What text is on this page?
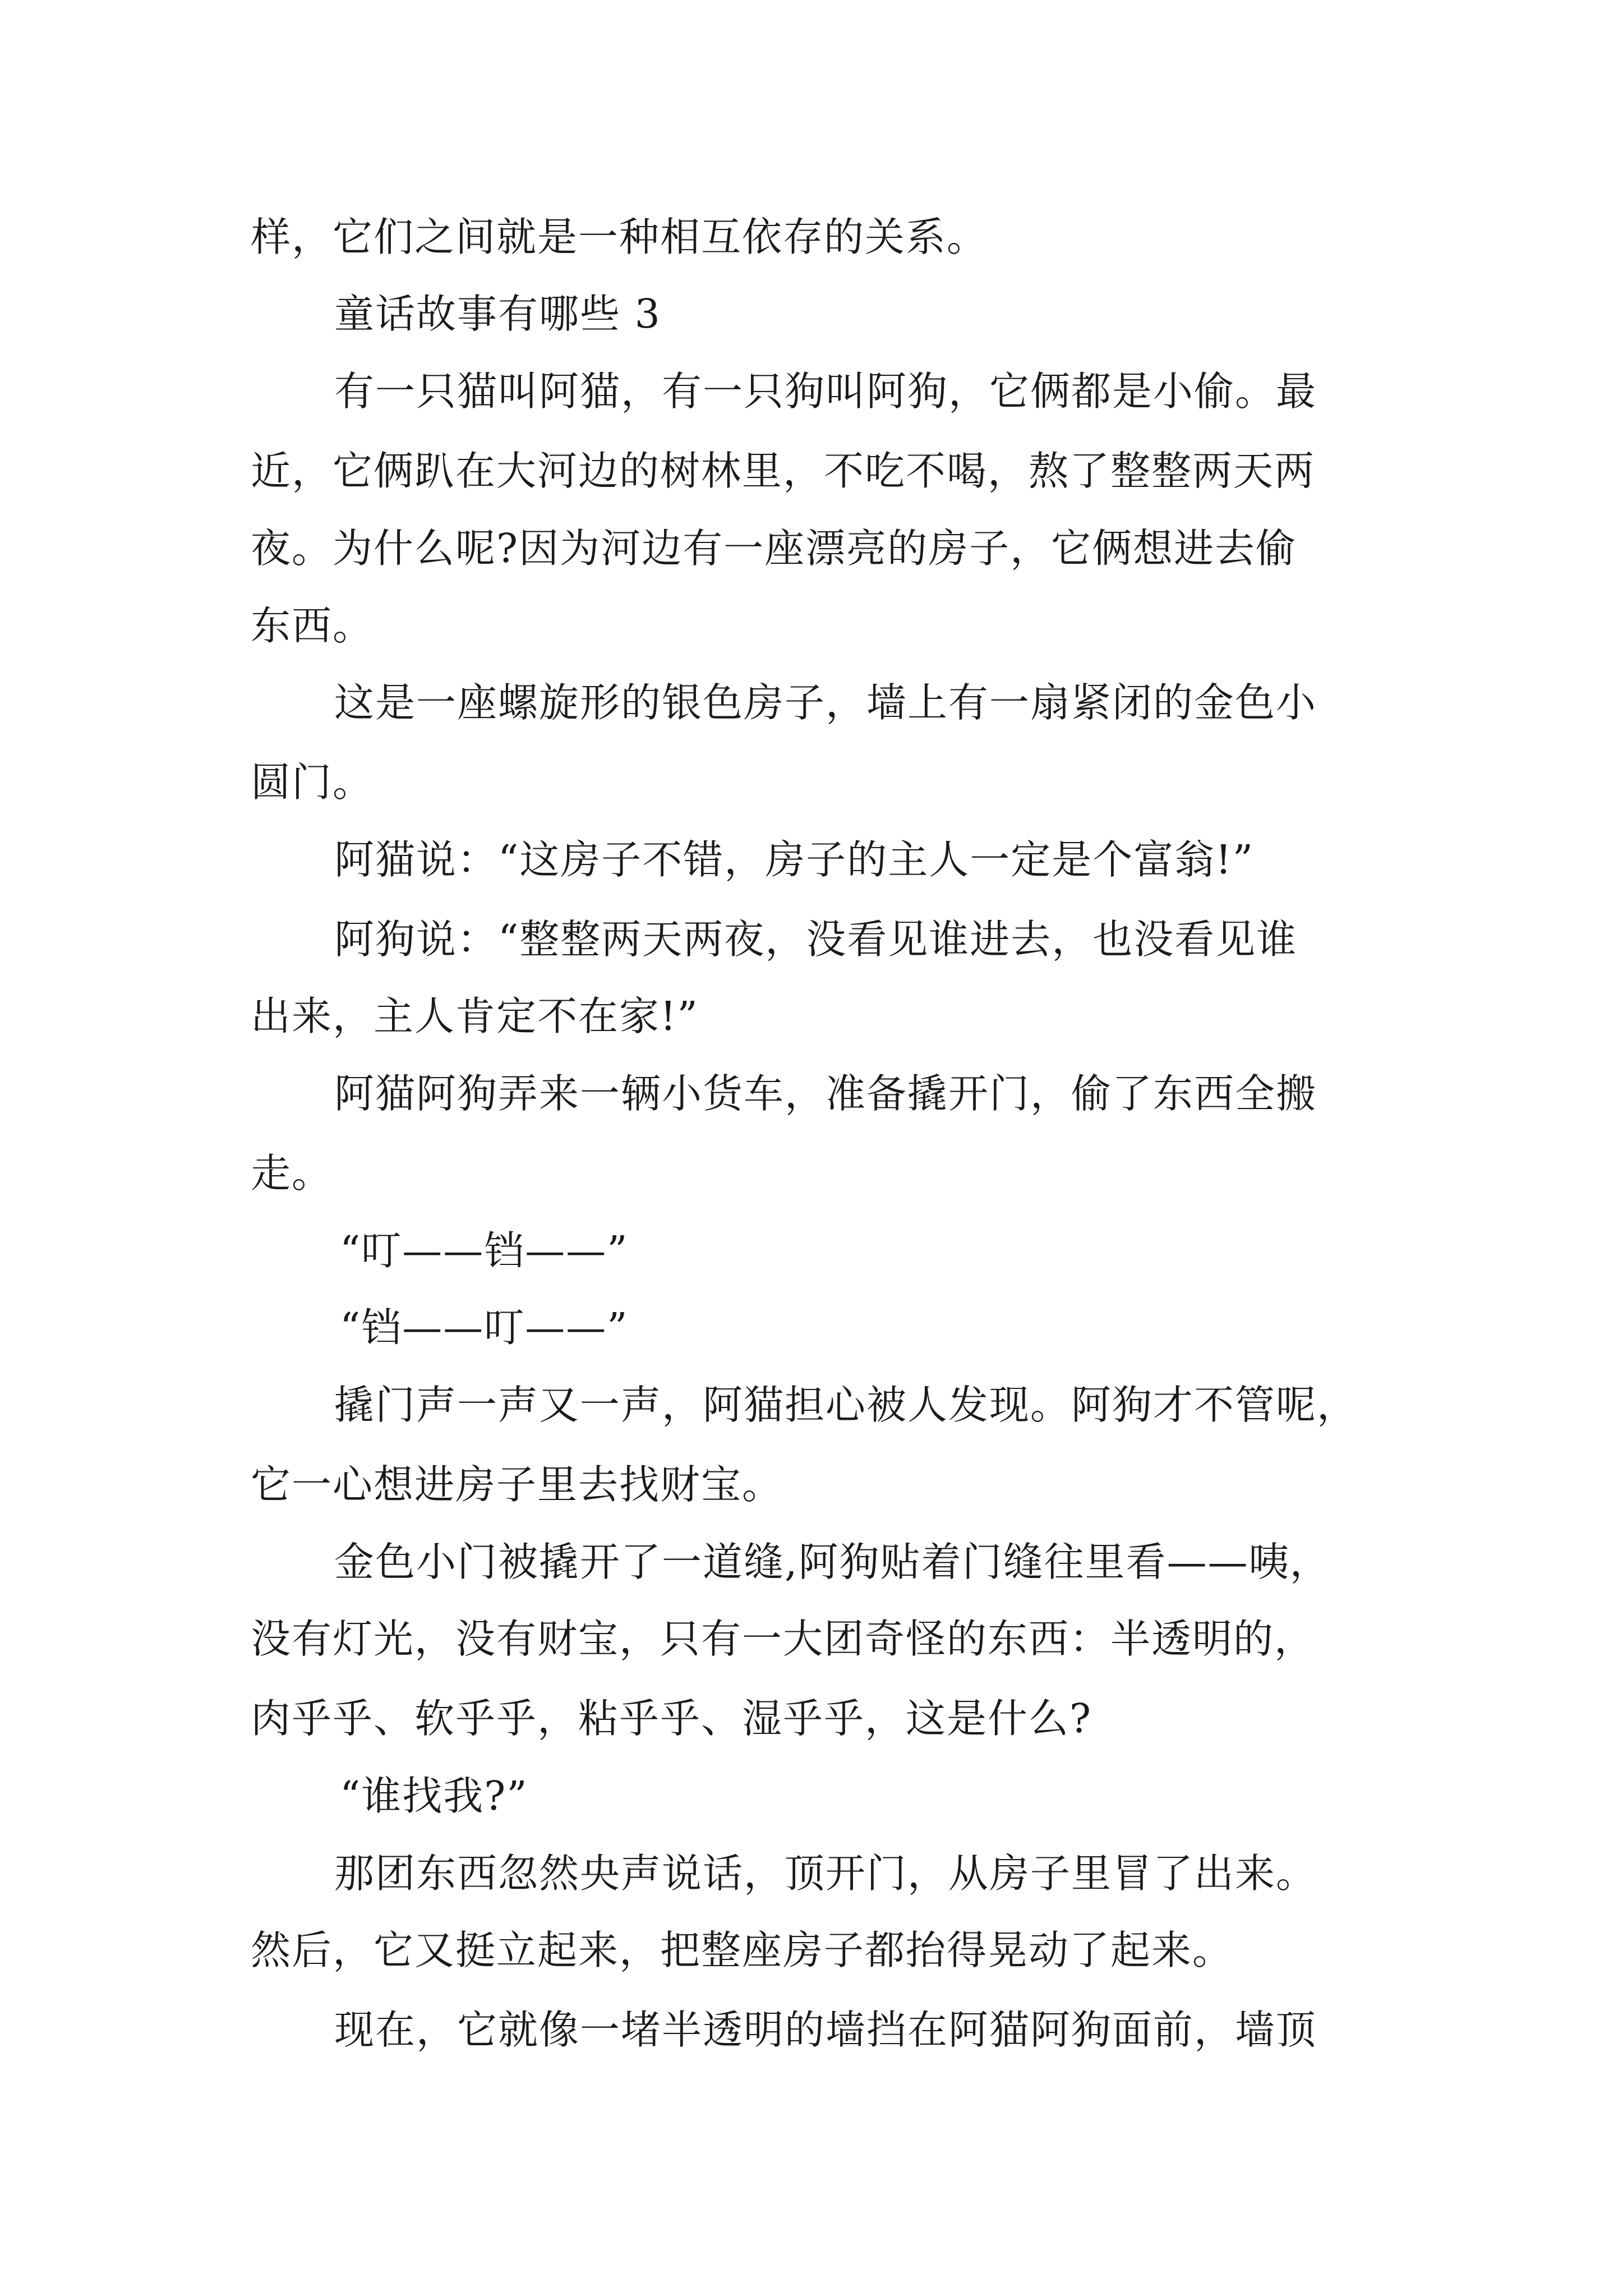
样，它们之间就是一种相互依存的关系。
童话故事有哪些 3
有一只猫叫阿猫，有一只狗叫阿狗，它俩都是小偷。最
近，它俩趴在大河边的树林里，不吃不喝，熬了整整两天两
夜。为什么呢?因为河边有一座漂亮的房子，它俩想进去偷
东西。
这是一座螺旋形的银色房子，墙上有一扇紧闭的金色小
圆门。
阿猫说：“这房子不错，房子的主人一定是个富翁!”
阿狗说：“整整两天两夜，没看见谁进去，也没看见谁
出来，主人肯定不在家!”
阿猫阿狗弄来一辆小货车，准备撬开门，偷了东西全搬
走。
“叮——铛——”
“铛——叮——”
撬门声一声又一声，阿猫担心被人发现。阿狗才不管呢，
它一心想进房子里去找财宝。
金色小门被撬开了一道缝,阿狗贴着门缝往里看——咦，
没有灯光，没有财宝，只有一大团奇怪的东西：半透明的，
肉乎乎、软乎乎，粘乎乎、湿乎乎，这是什么?
“谁找我?”
那团东西忽然央声说话，顶开门，从房子里冒了出来。
然后，它又挺立起来，把整座房子都抬得晃动了起来。
现在，它就像一堵半透明的墙挡在阿猫阿狗面前，墙顶
